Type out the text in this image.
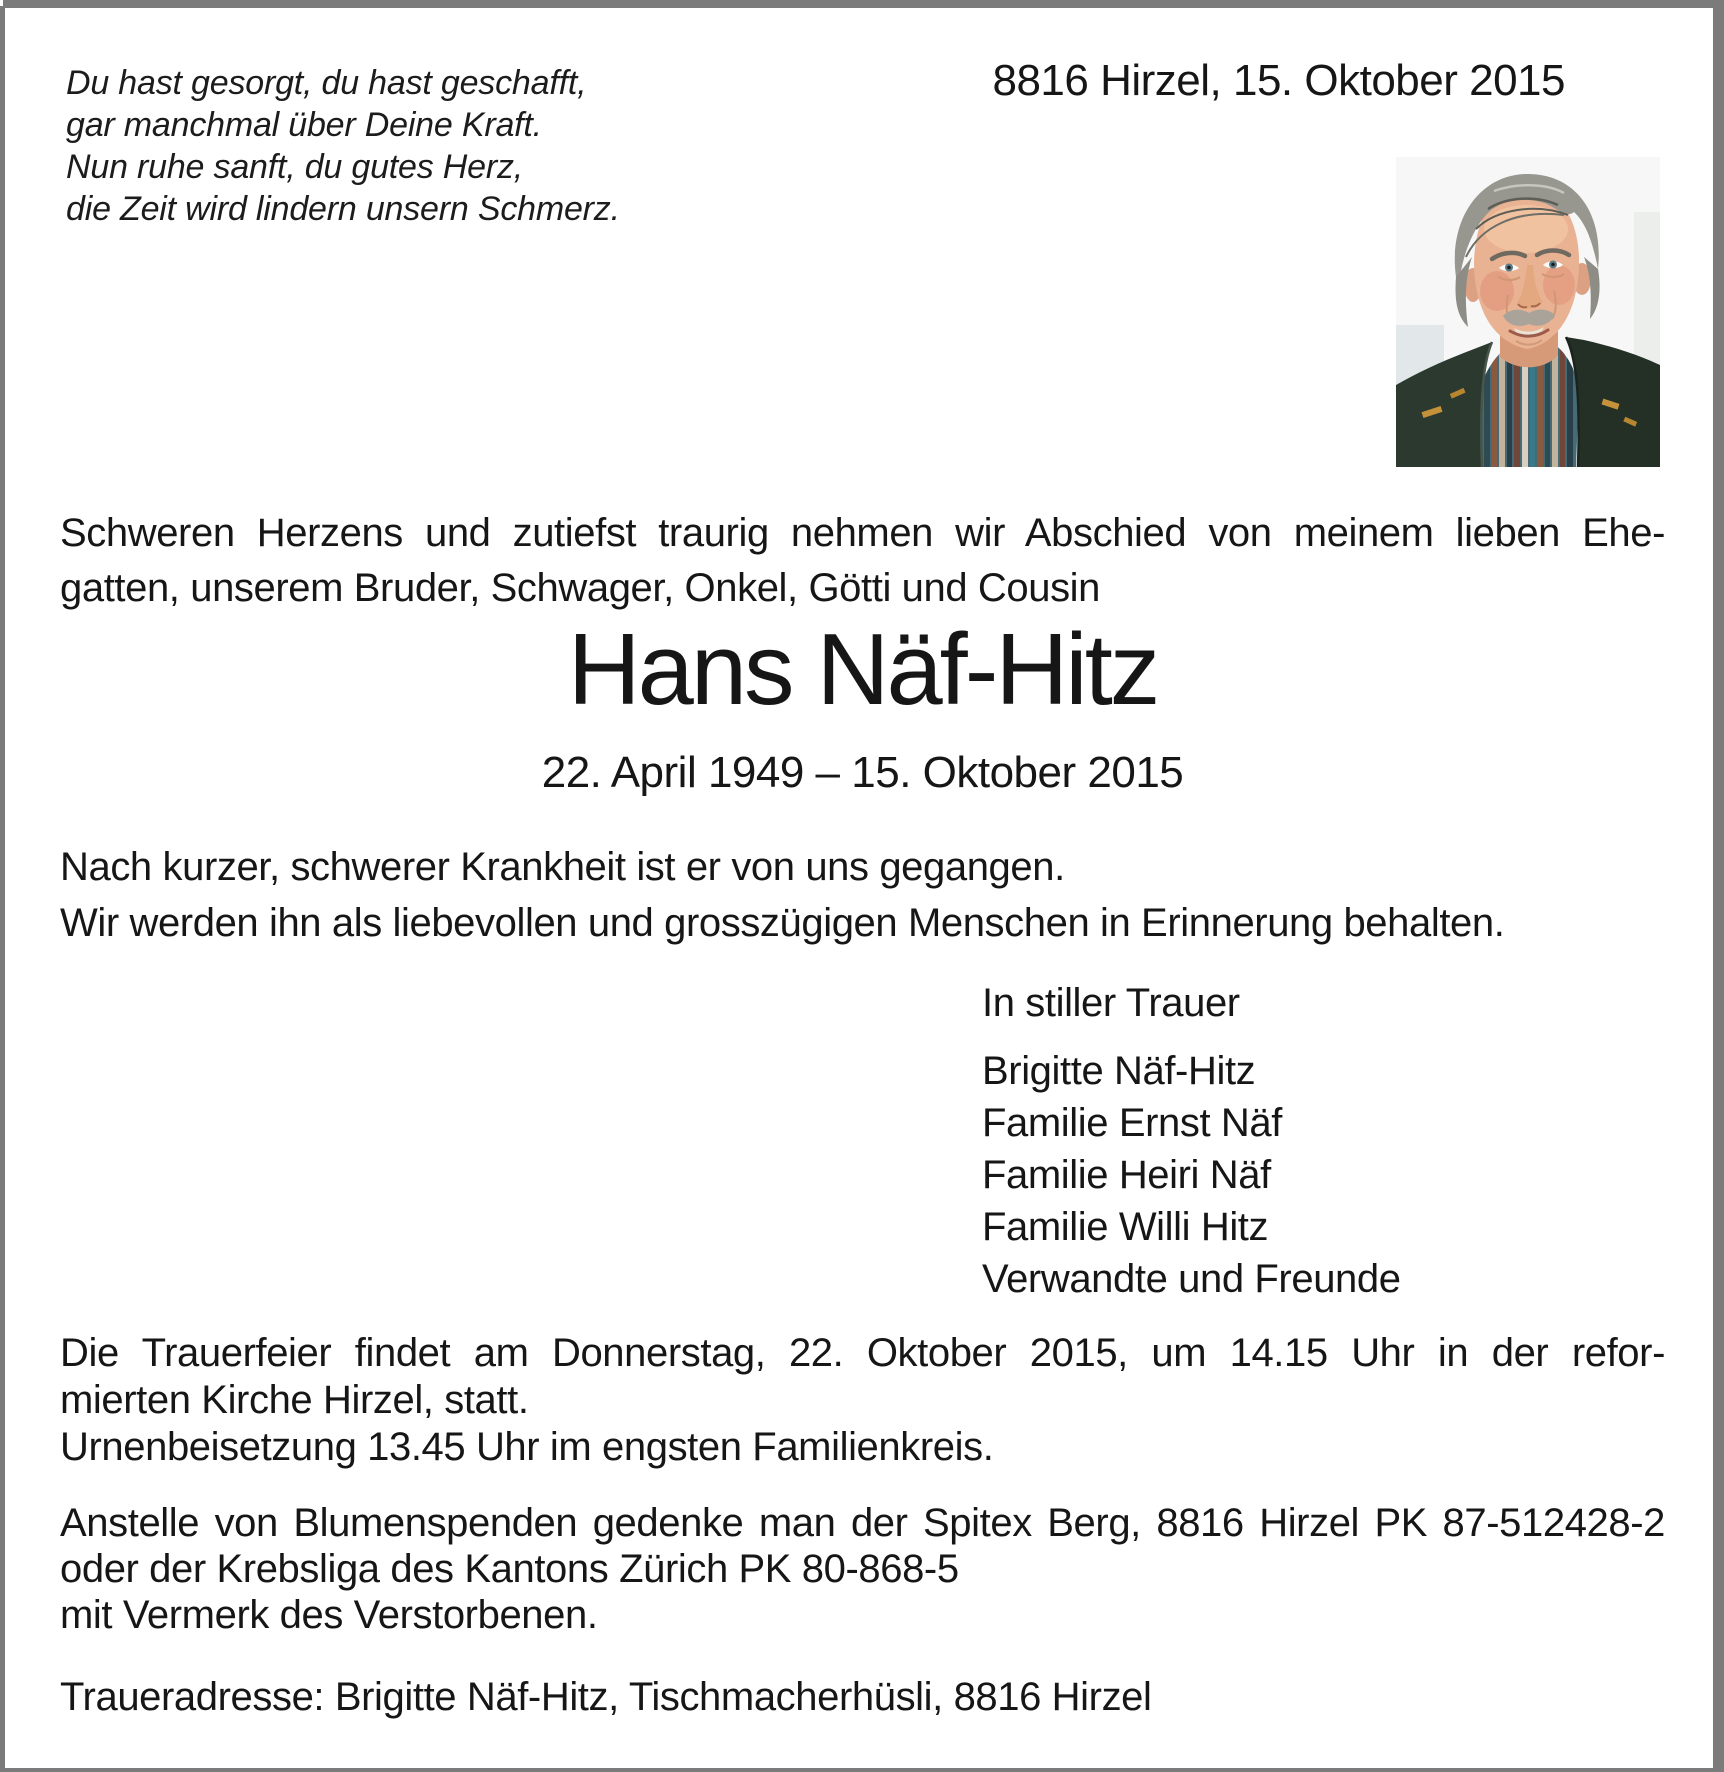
Du hast gesorgt, du hast geschafft,
gar manchmal über Deine Kraft.
Nun ruhe sanft, du gutes Herz,
die Zeit wird lindern unsern Schmerz.
8816 Hirzel, 15. Oktober 2015
Schweren Herzens und zutiefst traurig nehmen wir Abschied von meinem lieben Ehe-
gatten, unserem Bruder, Schwager, Onkel, Götti und Cousin
Hans Näf-Hitz
22. April 1949 – 15. Oktober 2015
Nach kurzer, schwerer Krankheit ist er von uns gegangen.
Wir werden ihn als liebevollen und grosszügigen Menschen in Erinnerung behalten.
In stiller Trauer
Brigitte Näf-Hitz
Familie Ernst Näf
Familie Heiri Näf
Familie Willi Hitz
Verwandte und Freunde
Die Trauerfeier findet am Donnerstag, 22. Oktober 2015, um 14.15 Uhr in der refor-
mierten Kirche Hirzel, statt.
Urnenbeisetzung 13.45 Uhr im engsten Familienkreis.
Anstelle von Blumenspenden gedenke man der Spitex Berg, 8816 Hirzel PK 87-512428-2
oder der Krebsliga des Kantons Zürich PK 80-868-5
mit Vermerk des Verstorbenen.
Traueradresse: Brigitte Näf-Hitz, Tischmacherhüsli, 8816 Hirzel
